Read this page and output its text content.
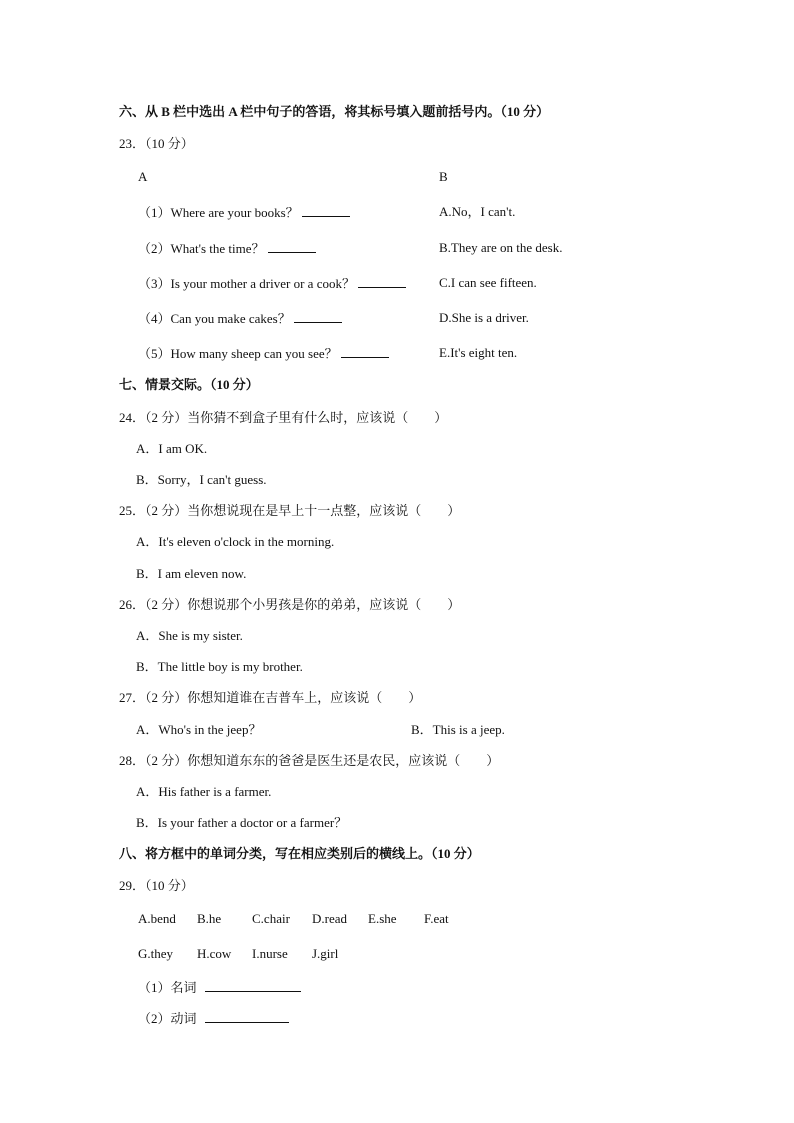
六、从 B 栏中选出 A 栏中句子的答语，将其标号填入题前括号内。（10 分）
23．（10 分）
A	B
（1）Where are your books？
（2）What's the time？
（3）Is your mother a driver or a cook？
（4）Can you make cakes？
（5）How many sheep can you see？
A.No，I can't.
B.They are on the desk.
C.I can see fifteen.
D.She is a driver.
E.It's eight ten.
七、情景交际。（10 分）
24．（2 分）当你猜不到盒子里有什么时，应该说（　　）
A．I am OK.
B．Sorry，I can't guess.
25．（2 分）当你想说现在是早上十一点整，应该说（　　）
A．It's eleven o'clock in the morning.
B．I am eleven now.
26．（2 分）你想说那个小男孩是你的弟弟，应该说（　　）
A．She is my sister.
B．The little boy is my brother.
27．（2 分）你想知道谁在吉普车上，应该说（　　）
A．Who's in the jeep？	B．This is a jeep.
28．（2 分）你想知道东东的爸爸是医生还是农民，应该说（　　）
A．His father is a farmer.
B．Is your father a doctor or a farmer？
八、将方框中的单词分类，写在相应类别后的横线上。（10 分）
29．（10 分）
A.bend B.he C.chair D.read E.she F.eat
G.they H.cow I.nurse J.girl
（1）名词
（2）动词
